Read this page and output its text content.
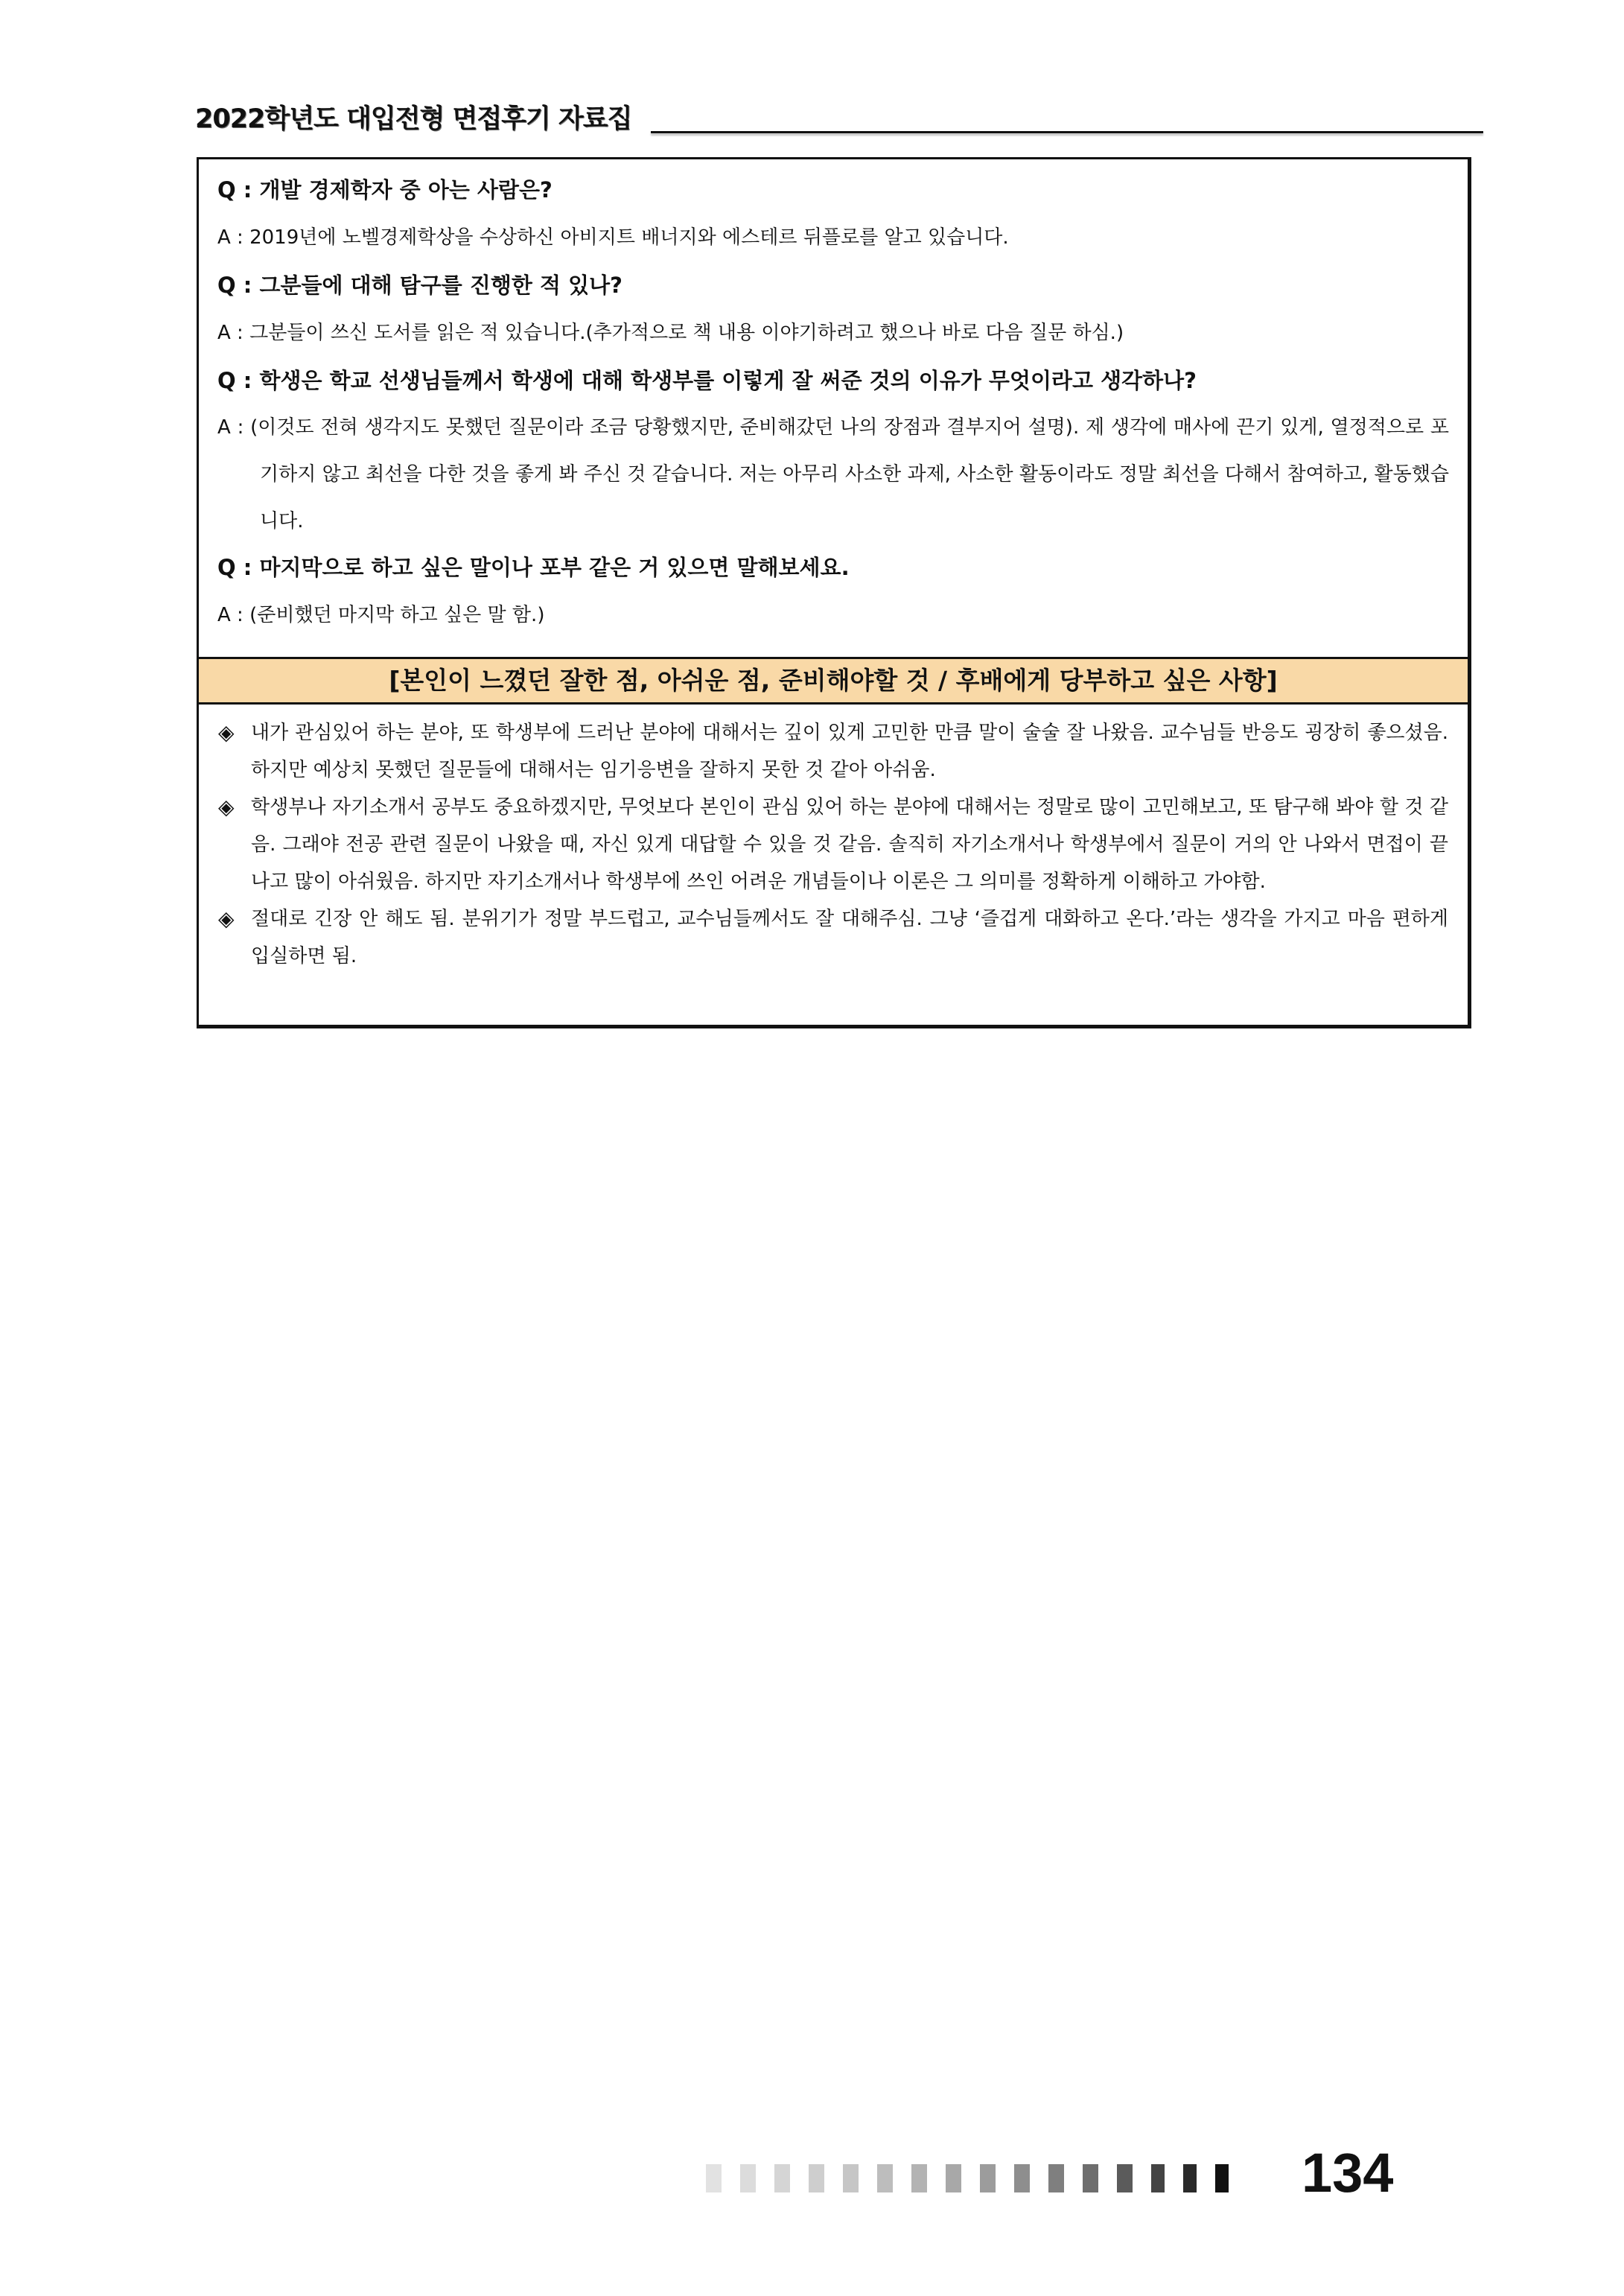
2022학년도 대입전형 면접후기 자료집
Q : 개발 경제학자 중 아는 사람은?
A : 2019년에 노벨경제학상을 수상하신 아비지트 배너지와 에스테르 뒤플로를 알고 있습니다.
Q : 그분들에 대해 탐구를 진행한 적 있나?
A : 그분들이 쓰신 도서를 읽은 적 있습니다.(추가적으로 책 내용 이야기하려고 했으나 바로 다음 질문 하심.)
Q : 학생은 학교 선생님들께서 학생에 대해 학생부를 이렇게 잘 써준 것의 이유가 무엇이라고 생각하나?
A : (이것도 전혀 생각지도 못했던 질문이라 조금 당황했지만, 준비해갔던 나의 장점과 결부지어 설명). 제 생각에 매사에 끈기 있게, 열정적으로 포기하지 않고 최선을 다한 것을 좋게 봐 주신 것 같습니다. 저는 아무리 사소한 과제, 사소한 활동이라도 정말 최선을 다해서 참여하고, 활동했습니다.
Q : 마지막으로 하고 싶은 말이나 포부 같은 거 있으면 말해보세요.
A : (준비했던 마지막 하고 싶은 말 함.)
[본인이 느꼈던 잘한 점, 아쉬운 점, 준비해야할 것 / 후배에게 당부하고 싶은 사항]
◈ 내가 관심있어 하는 분야, 또 학생부에 드러난 분야에 대해서는 깊이 있게 고민한 만큼 말이 술술 잘 나왔음. 교수님들 반응도 굉장히 좋으셨음. 하지만 예상치 못했던 질문들에 대해서는 임기응변을 잘하지 못한 것 같아 아쉬움.
◈ 학생부나 자기소개서 공부도 중요하겠지만, 무엇보다 본인이 관심 있어 하는 분야에 대해서는 정말로 많이 고민해보고, 또 탐구해 봐야 할 것 같음. 그래야 전공 관련 질문이 나왔을 때, 자신 있게 대답할 수 있을 것 같음. 솔직히 자기소개서나 학생부에서 질문이 거의 안 나와서 면접이 끝나고 많이 아쉬웠음. 하지만 자기소개서나 학생부에 쓰인 어려운 개념들이나 이론은 그 의미를 정확하게 이해하고 가야함.
◈ 절대로 긴장 안 해도 됨. 분위기가 정말 부드럽고, 교수님들께서도 잘 대해주심. 그냥 ‘즐겁게 대화하고 온다.’라는 생각을 가지고 마음 편하게 입실하면 됨.
134
